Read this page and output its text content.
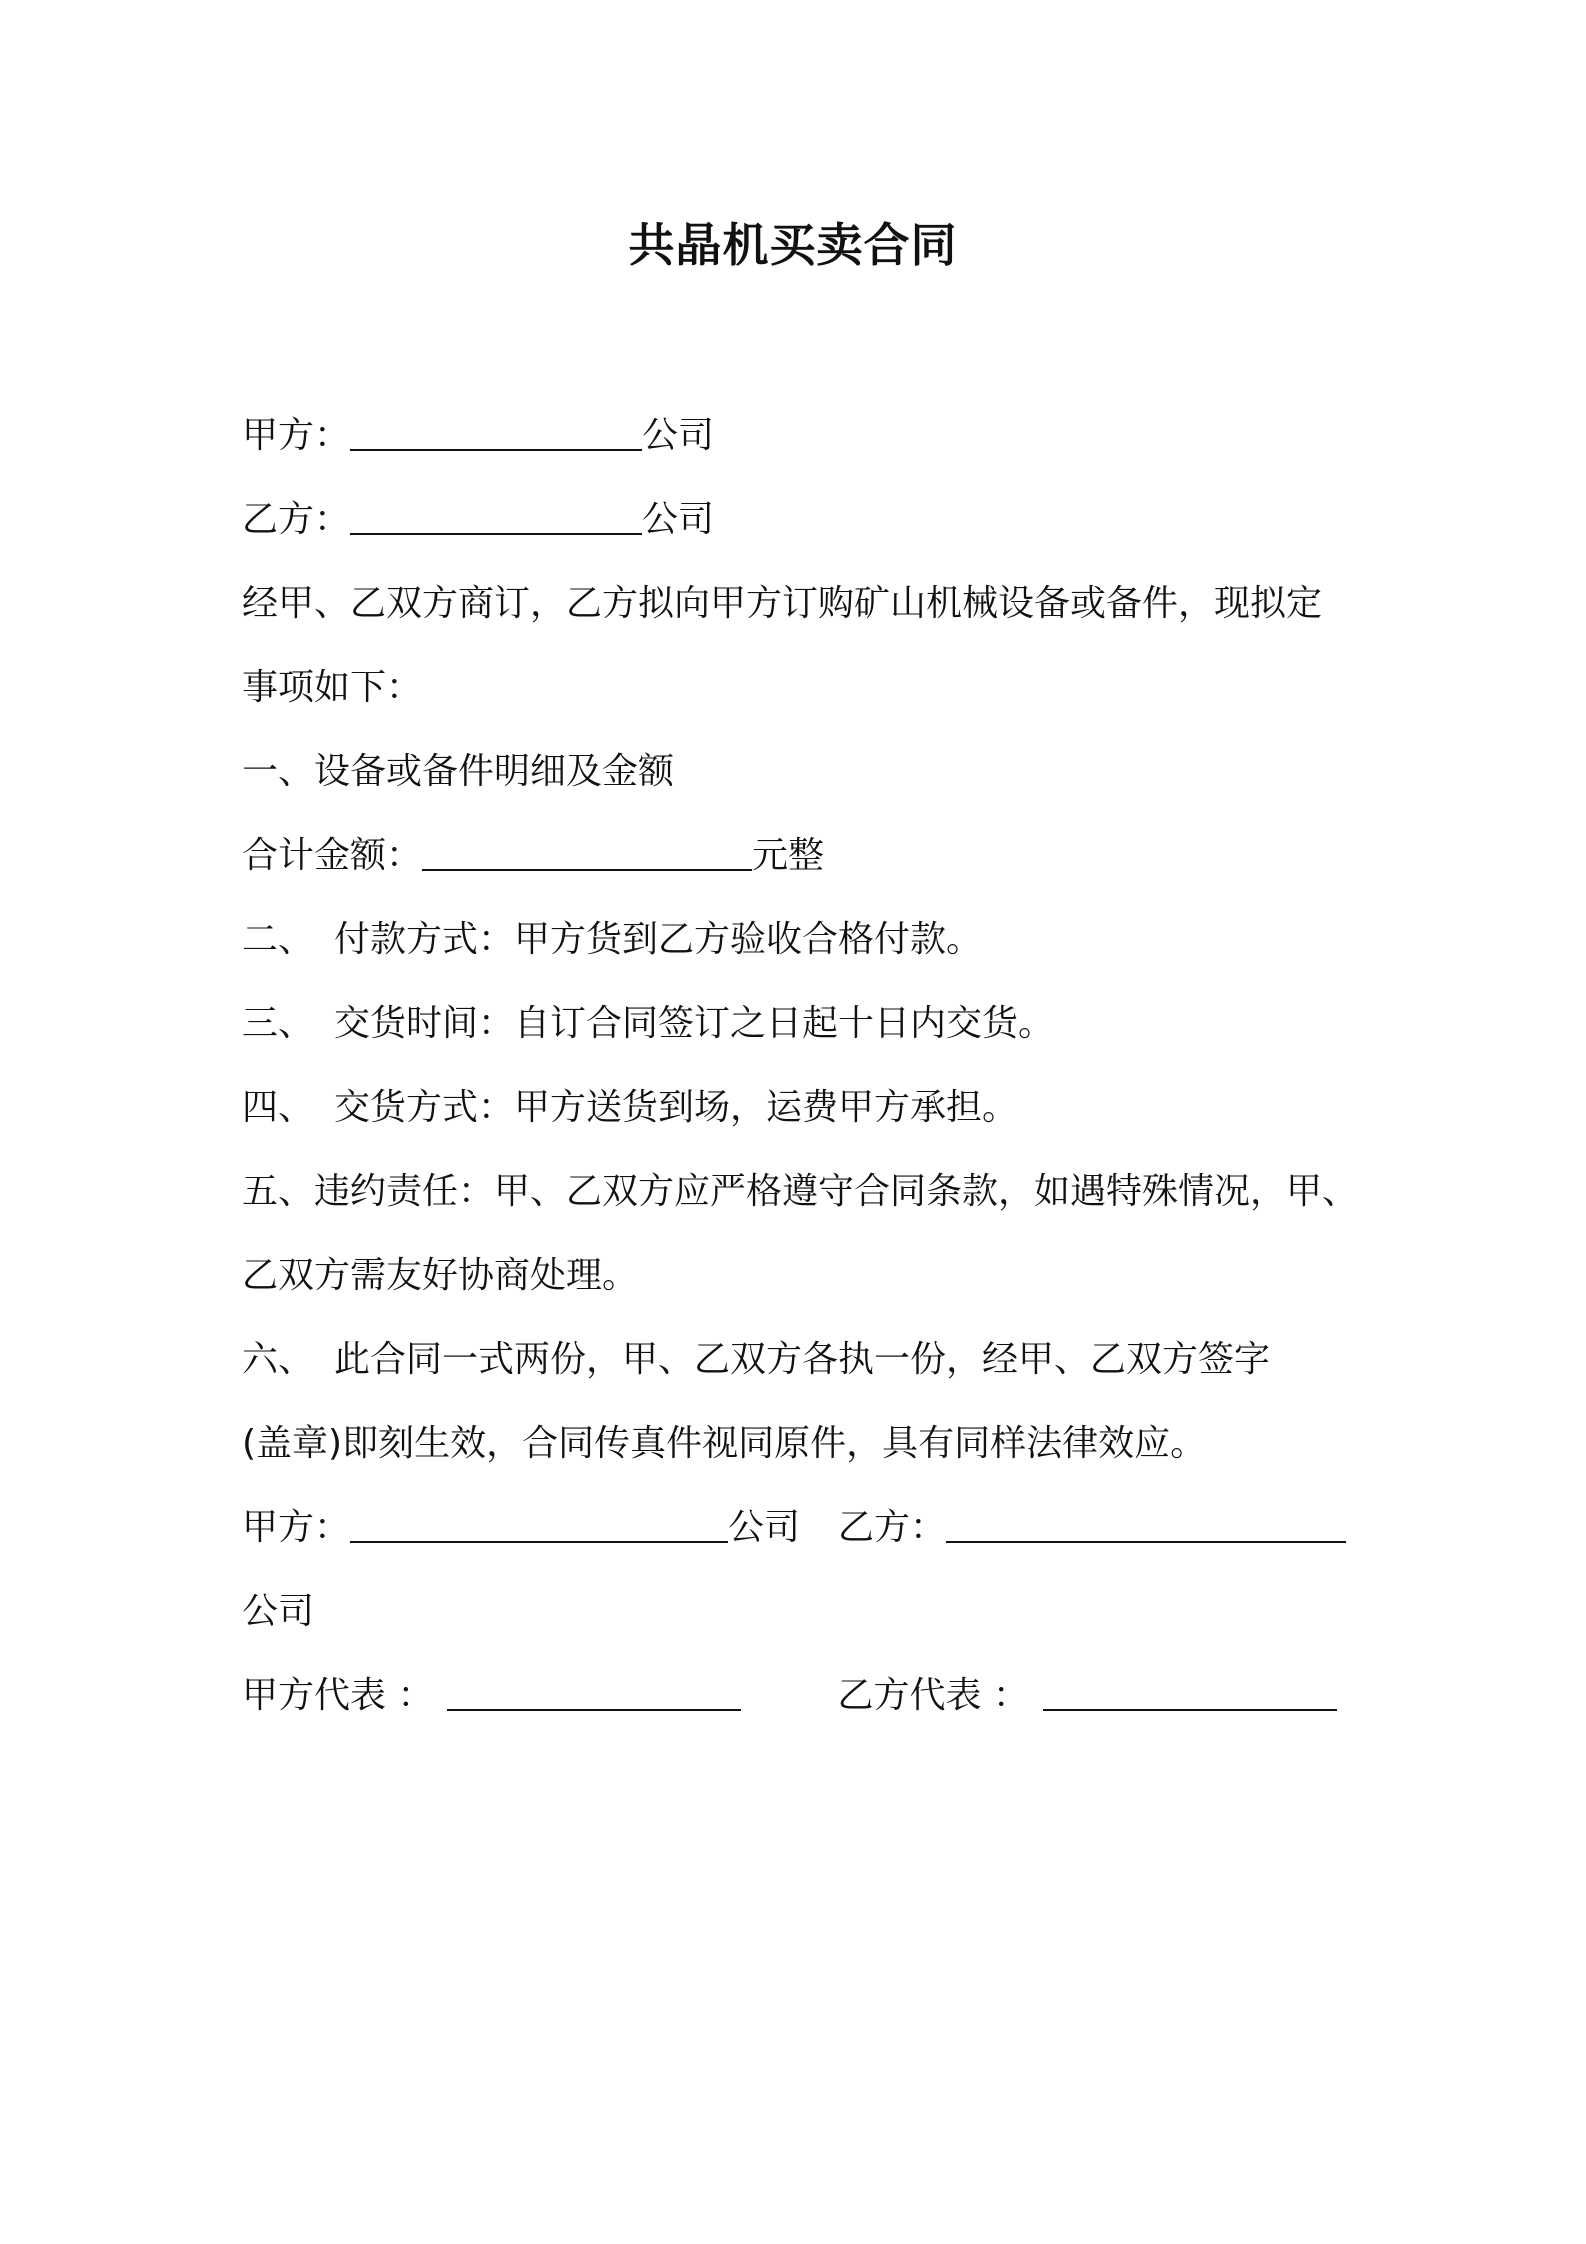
共晶机买卖合同
甲方：	公司
乙方：	公司
经甲、乙双方商订，乙方拟向甲方订购矿山机械设备或备件，现拟定
事项如下：
一、设备或备件明细及金额
合计金额：	元整
二、 付款方式：甲方货到乙方验收合格付款。
三、 交货时间：自订合同签订之日起十日内交货。
四、 交货方式：甲方送货到场，运费甲方承担。
五、违约责任：甲、乙双方应严格遵守合同条款，如遇特殊情况，甲、
乙双方需友好协商处理。
六、 此合同一式两份，甲、乙双方各执一份，经甲、乙双方签字
(盖章)即刻生效，合同传真件视同原件，具有同样法律效应。
甲方：	公司 乙方：
公司
甲方代表 ：	乙方代表 ：
